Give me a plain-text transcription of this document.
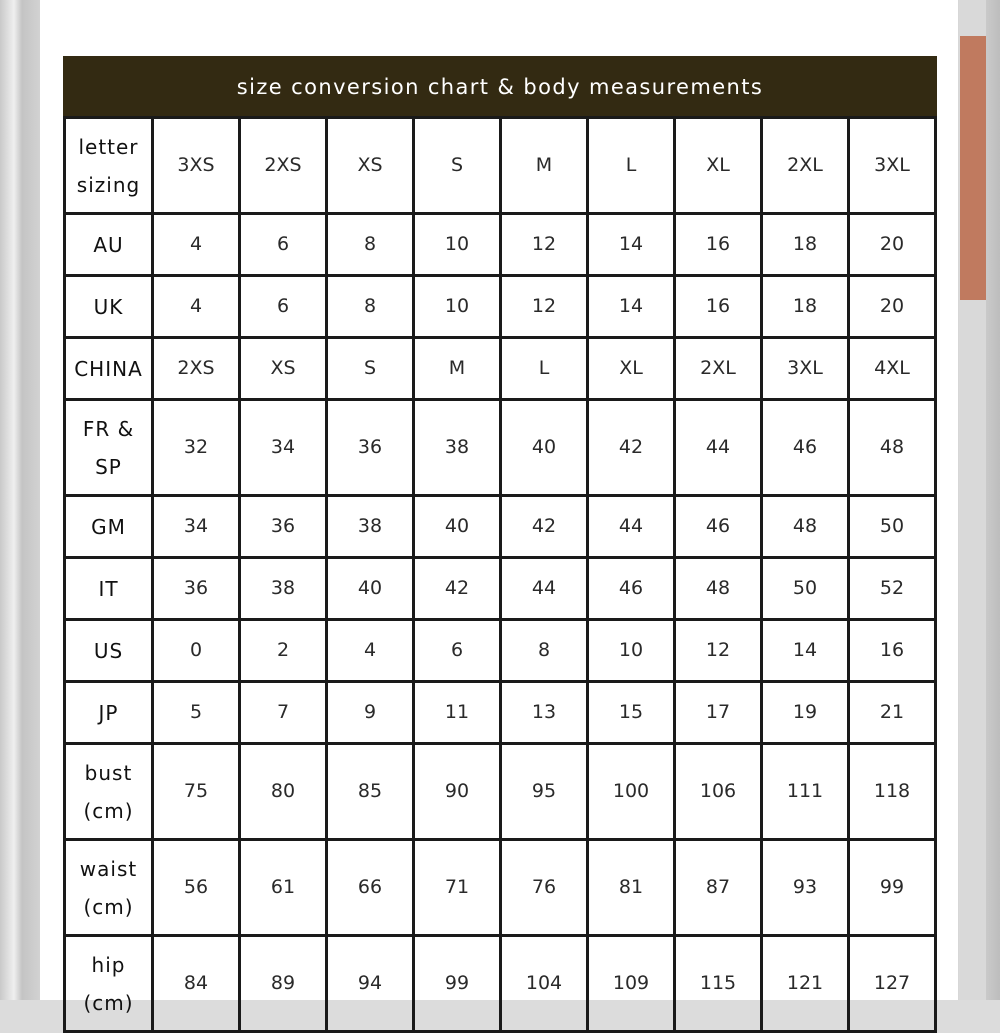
size conversion chart & body measurements
letter
sizing	3XS	2XS	XS	S	M	L	XL	2XL	3XL
AU	4	6	8	10	12	14	16	18	20
UK	4	6	8	10	12	14	16	18	20
CHINA	2XS	XS	S	M	L	XL	2XL	3XL	4XL
FR &
SP	32	34	36	38	40	42	44	46	48
GM	34	36	38	40	42	44	46	48	50
IT	36	38	40	42	44	46	48	50	52
US	0	2	4	6	8	10	12	14	16
JP	5	7	9	11	13	15	17	19	21
bust
(cm)	75	80	85	90	95	100	106	111	118
waist
(cm)	56	61	66	71	76	81	87	93	99
hip
(cm)	84	89	94	99	104	109	115	121	127
